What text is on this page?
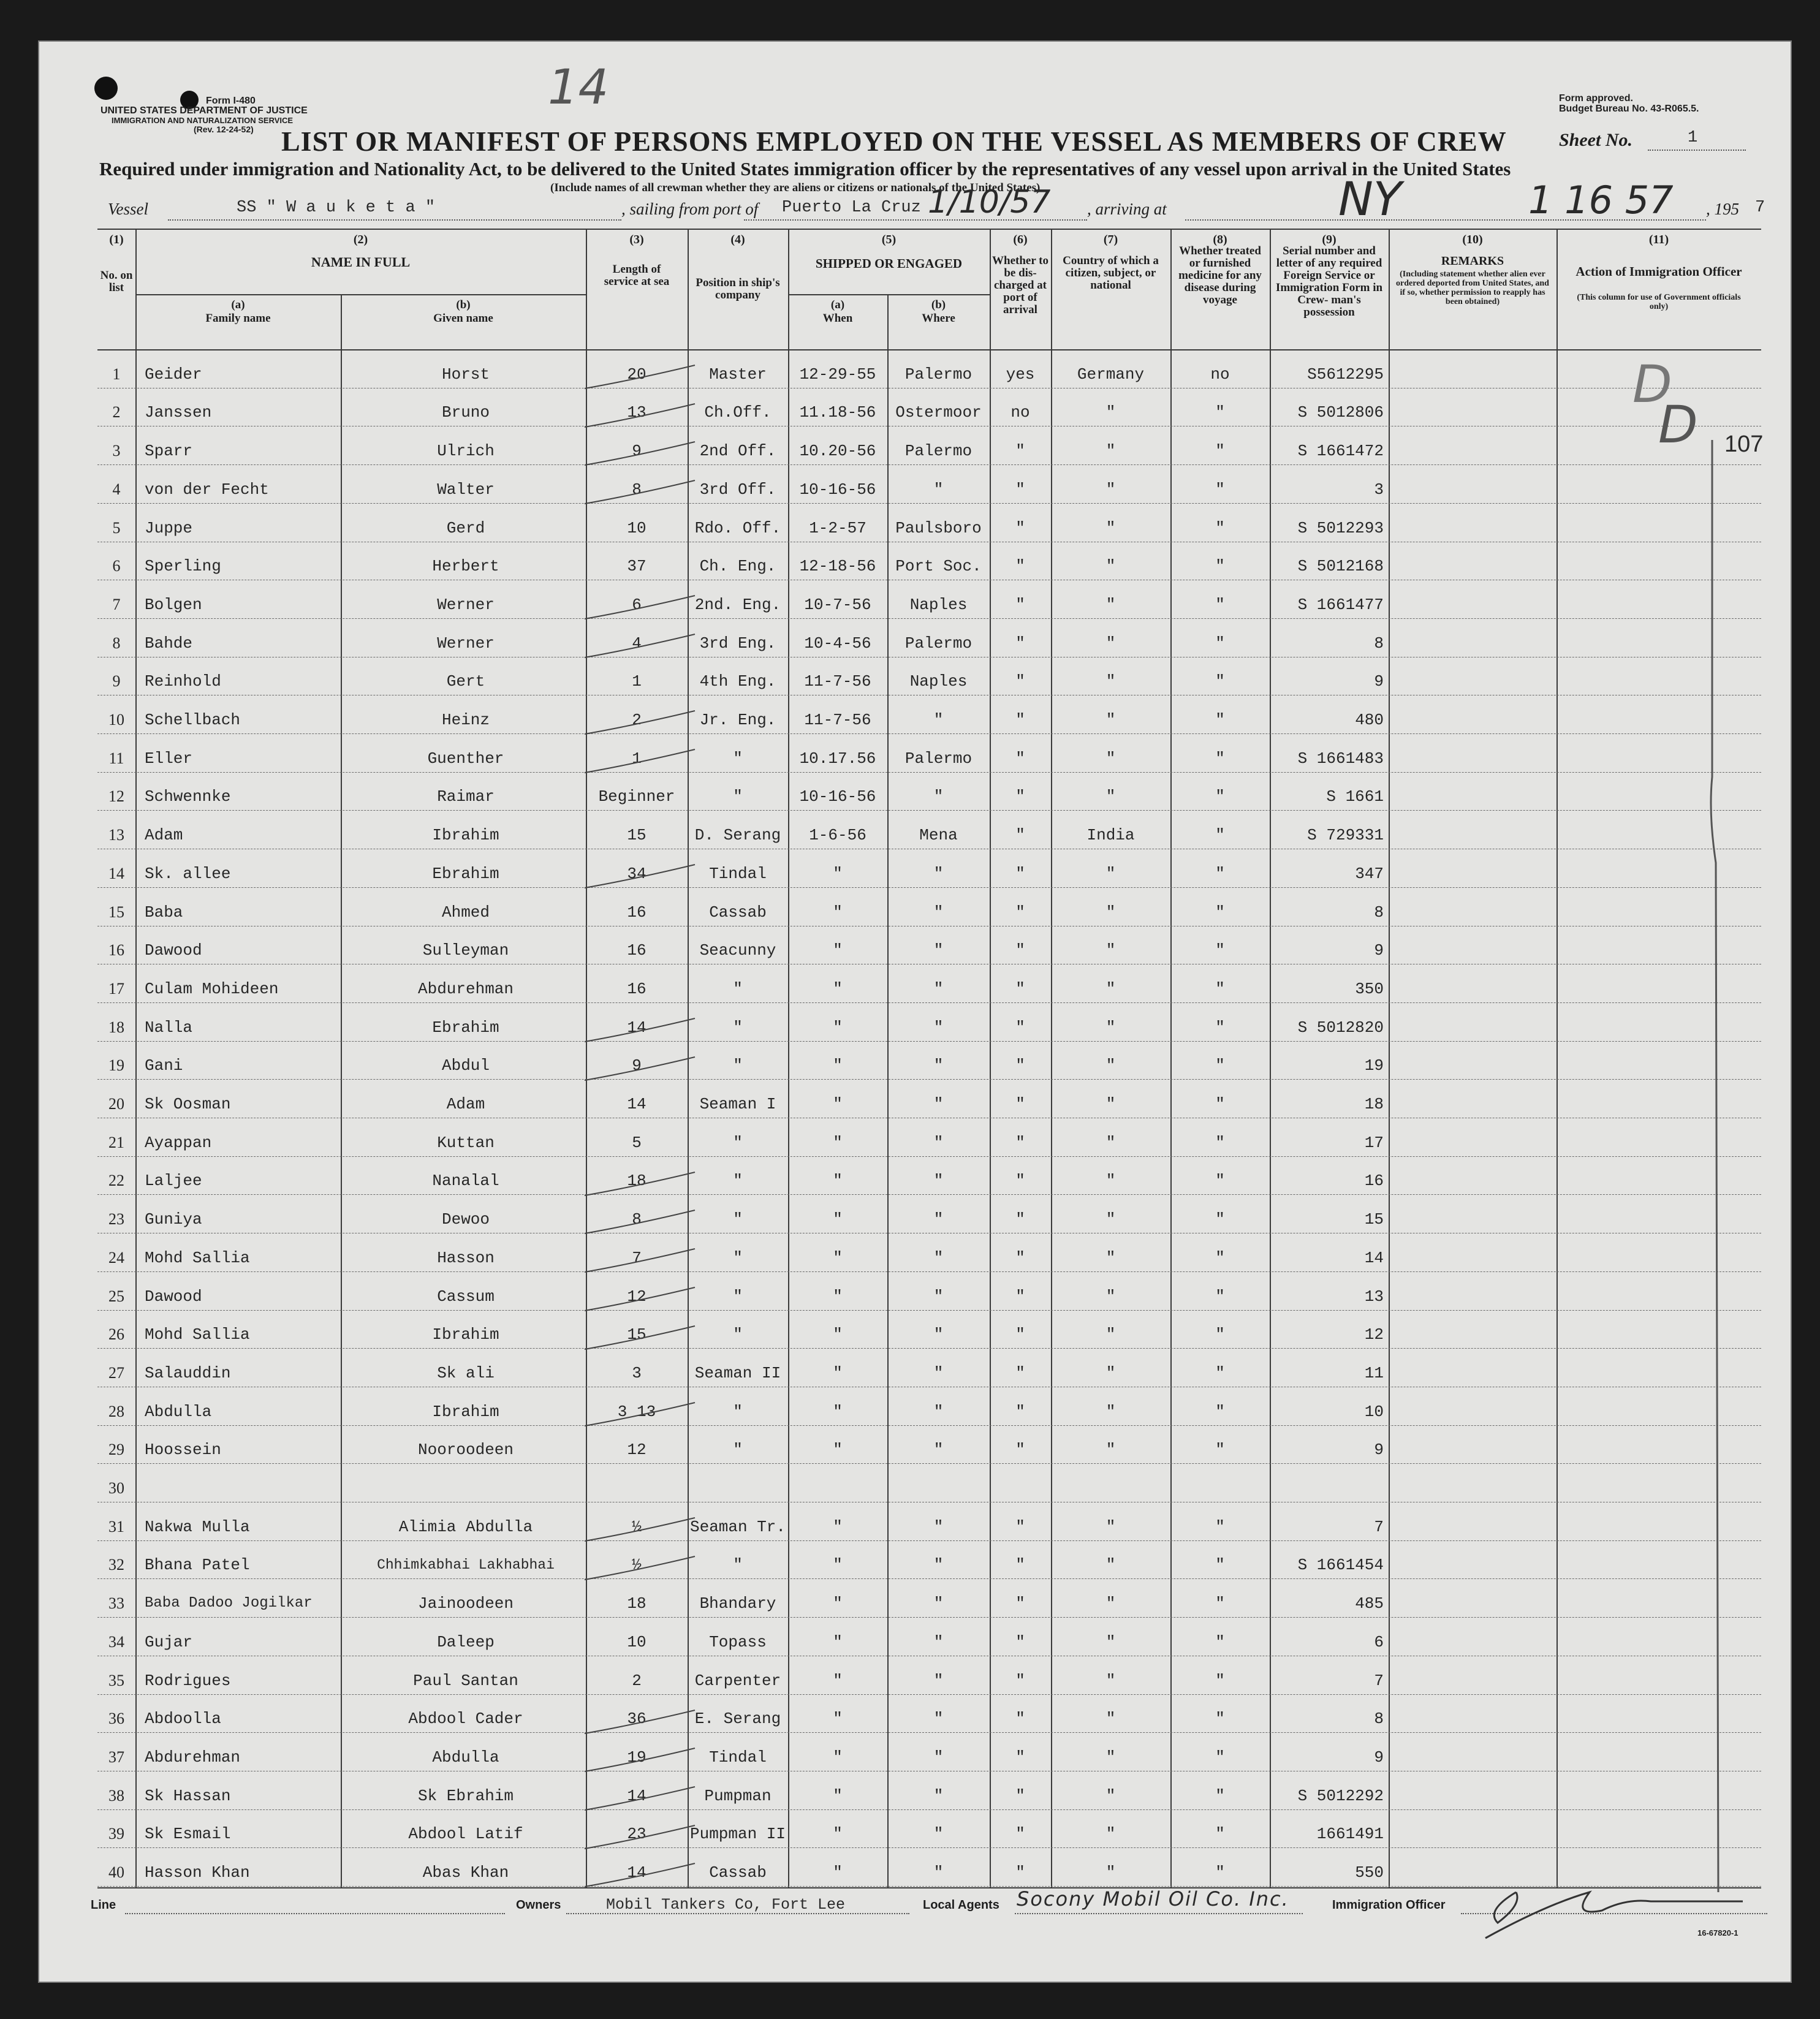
Form I-480
UNITED STATES DEPARTMENT OF JUSTICE
IMMIGRATION AND NATURALIZATION SERVICE
(Rev. 12-24-52)
14	Form approved.
Budget Bureau No. 43-R065.5.
LIST OR MANIFEST OF PERSONS EMPLOYED ON THE VESSEL AS MEMBERS OF CREW	Sheet No.	1
Required under immigration and Nationality Act, to be delivered to the United States immigration officer by the representatives of any vessel upon arrival in the United States
(Include names of all crewman whether they are aliens or citizens or nationals of the United States)
Vessel	SS " W a u k e t a "	, sailing from port of Puerto La Cruz 1/10/57 , arriving at	NY	1 16 57 , 195 7
(1)
No. on list
(2)
NAME IN FULL
(a)
Family name
(b)
Given name
(3)
Length of service at sea
(4)
Position in ship's company
(5)
SHIPPED OR ENGAGED
(a)
When
(b)
Where
(6)
Whether to be dis- charged at port of arrival
(7)
Country of which a citizen, subject, or national
(8)
Whether treated or furnished medicine for any disease during voyage
(9)
Serial number and letter of any required Foreign Service or Immigration Form in Crew- man's possession
(10)
REMARKS
(Including statement whether alien ever ordered deported from United States, and if so, whether permission to reapply has been obtained)
(11)
Action of Immigration Officer
(This column for use of Government officials only)
1	Geider	Horst	20	Master	12-29-55	Palermo	yes	Germany	no	S5612295
2	Janssen	Bruno	13	Ch.Off.	11.18-56	Ostermoor	no	"	"	S 5012806
3	Sparr	Ulrich	9	2nd Off.	10.20-56	Palermo	"	"	"	S 1661472
4	von der Fecht	Walter	8	3rd Off.	10-16-56	"	"	"	"	3
5	Juppe	Gerd	10	Rdo. Off.	1-2-57	Paulsboro	"	"	"	S 5012293
6	Sperling	Herbert	37	Ch. Eng.	12-18-56	Port Soc.	"	"	"	S 5012168
7	Bolgen	Werner	6	2nd. Eng.	10-7-56	Naples	"	"	"	S 1661477
8	Bahde	Werner	4	3rd Eng.	10-4-56	Palermo	"	"	"	8
9	Reinhold	Gert	1	4th Eng.	11-7-56	Naples	"	"	"	9
10	Schellbach	Heinz	2	Jr. Eng.	11-7-56	"	"	"	"	480
11	Eller	Guenther	1	"	10.17.56	Palermo	"	"	"	S 1661483
12	Schwennke	Raimar	Beginner	"	10-16-56	"	"	"	"	S 1661
13	Adam	Ibrahim	15	D. Serang	1-6-56	Mena	"	India	"	S 729331
14	Sk. allee	Ebrahim	34	Tindal	"	"	"	"	"	347
15	Baba	Ahmed	16	Cassab	"	"	"	"	"	8
16	Dawood	Sulleyman	16	Seacunny	"	"	"	"	"	9
17	Culam Mohideen	Abdurehman	16	"	"	"	"	"	"	350
18	Nalla	Ebrahim	14	"	"	"	"	"	"	S 5012820
19	Gani	Abdul	9	"	"	"	"	"	"	19
20	Sk Oosman	Adam	14	Seaman I	"	"	"	"	"	18
21	Ayappan	Kuttan	5	"	"	"	"	"	"	17
22	Laljee	Nanalal	18	"	"	"	"	"	"	16
23	Guniya	Dewoo	8	"	"	"	"	"	"	15
24	Mohd Sallia	Hasson	7	"	"	"	"	"	"	14
25	Dawood	Cassum	12	"	"	"	"	"	"	13
26	Mohd Sallia	Ibrahim	15	"	"	"	"	"	"	12
27	Salauddin	Sk ali	3	Seaman II	"	"	"	"	"	11
28	Abdulla	Ibrahim	3 13	"	"	"	"	"	"	10
29	Hoossein	Nooroodeen	12	"	"	"	"	"	"	9
30
31	Nakwa Mulla	Alimia Abdulla	½	Seaman Tr.	"	"	"	"	"	7
32	Bhana Patel	Chhimkabhai Lakhabhai	½	"	"	"	"	"	"	S 1661454
33	Baba Dadoo Jogilkar	Jainoodeen	18	Bhandary	"	"	"	"	"	485
34	Gujar	Daleep	10	Topass	"	"	"	"	"	6
35	Rodrigues	Paul Santan	2	Carpenter	"	"	"	"	"	7
36	Abdoolla	Abdool Cader	36	E. Serang	"	"	"	"	"	8
37	Abdurehman	Abdulla	19	Tindal	"	"	"	"	"	9
38	Sk Hassan	Sk Ebrahim	14	Pumpman	"	"	"	"	"	S 5012292
39	Sk Esmail	Abdool Latif	23	Pumpman II	"	"	"	"	"	1661491
40	Hasson Khan	Abas Khan	14	Cassab	"	"	"	"	"	550
107
D
D
Line	Owners	Mobil Tankers Co, Fort Lee	Local Agents Socony Mobil Oil Co. Inc.	Immigration Officer
16-67820-1
